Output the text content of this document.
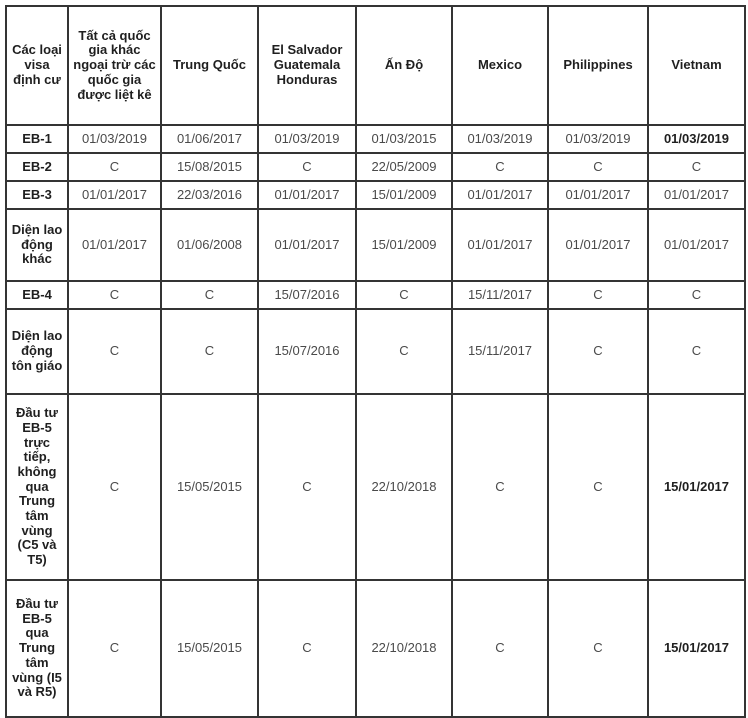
Các loại visa định cư	Tất cả quốc gia khác ngoại trừ các quốc gia được liệt kê	Trung Quốc	El Salvador Guatemala Honduras	Ấn Độ	Mexico	Philippines	Vietnam
EB-1	01/03/2019	01/06/2017	01/03/2019	01/03/2015	01/03/2019	01/03/2019	01/03/2019
EB-2	C	15/08/2015	C	22/05/2009	C	C	C
EB-3	01/01/2017	22/03/2016	01/01/2017	15/01/2009	01/01/2017	01/01/2017	01/01/2017
Diện lao động khác	01/01/2017	01/06/2008	01/01/2017	15/01/2009	01/01/2017	01/01/2017	01/01/2017
EB-4	C	C	15/07/2016	C	15/11/2017	C	C
Diện lao động tôn giáo	C	C	15/07/2016	C	15/11/2017	C	C
Đầu tư EB-5 trực tiếp, không qua Trung tâm vùng (C5 và T5)	C	15/05/2015	C	22/10/2018	C	C	15/01/2017
Đầu tư EB-5 qua Trung tâm vùng (I5 và R5)	C	15/05/2015	C	22/10/2018	C	C	15/01/2017
